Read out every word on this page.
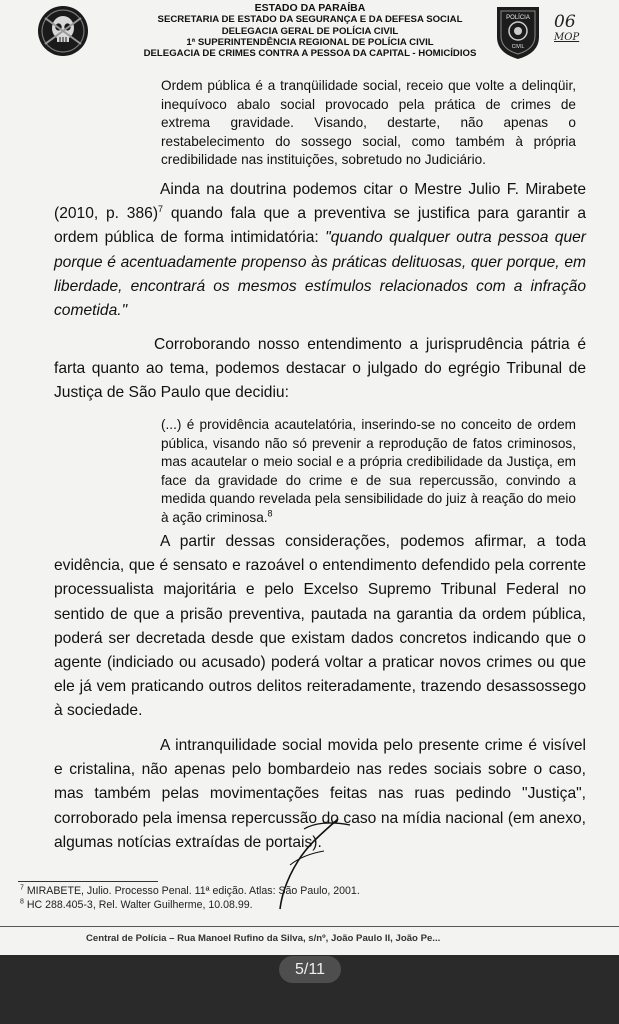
ESTADO DA PARAÍBA
SECRETARIA DE ESTADO DA SEGURANÇA E DA DEFESA SOCIAL
DELEGACIA GERAL DE POLÍCIA CIVIL
1ª SUPERINTENDÊNCIA REGIONAL DE POLÍCIA CIVIL
DELEGACIA DE CRIMES CONTRA A PESSOA DA CAPITAL - HOMICÍDIOS
POLÍCIA
CIVIL
06
MOP
Ordem pública é a tranqüilidade social, receio que volte a delinqüir, inequívoco abalo social provocado pela prática de crimes de extrema gravidade. Visando, destarte, não apenas o restabelecimento do sossego social, como também à própria credibilidade nas instituições, sobretudo no Judiciário.
Ainda na doutrina podemos citar o Mestre Julio F. Mirabete (2010, p. 386)$^7$ quando fala que a preventiva se justifica para garantir a ordem pública de forma intimidatória: "quando qualquer outra pessoa quer porque é acentuadamente propenso às práticas delituosas, quer porque, em liberdade, encontrará os mesmos estímulos relacionados com a infração cometida."
Corroborando nosso entendimento a jurisprudência pátria é farta quanto ao tema, podemos destacar o julgado do egrégio Tribunal de Justiça de São Paulo que decidiu:
(...) é providência acautelatória, inserindo-se no conceito de ordem pública, visando não só prevenir a reprodução de fatos criminosos, mas acautelar o meio social e a própria credibilidade da Justiça, em face da gravidade do crime e de sua repercussão, convindo a medida quando revelada pela sensibilidade do juiz à reação do meio à ação criminosa.$^8$
A partir dessas considerações, podemos afirmar, a toda evidência, que é sensato e razoável o entendimento defendido pela corrente processualista majoritária e pelo Excelso Supremo Tribunal Federal no sentido de que a prisão preventiva, pautada na garantia da ordem pública, poderá ser decretada desde que existam dados concretos indicando que o agente (indiciado ou acusado) poderá voltar a praticar novos crimes ou que ele já vem praticando outros delitos reiteradamente, trazendo desassossego à sociedade.
A intranquilidade social movida pelo presente crime é visível e cristalina, não apenas pelo bombardeio nas redes sociais sobre o caso, mas também pelas movimentações feitas nas ruas pedindo "Justiça", corroborado pela imensa repercussão do caso na mídia nacional (em anexo, algumas notícias extraídas de portais).
$^7$ MIRABETE, Julio. Processo Penal. 11ª edição. Atlas: São Paulo, 2001.
$^8$ HC 288.405-3, Rel. Walter Guilherme, 10.08.99.
Central de Polícia – Rua Manoel Rufino da Silva, s/nº, João Paulo II, João Pe...
5/11
